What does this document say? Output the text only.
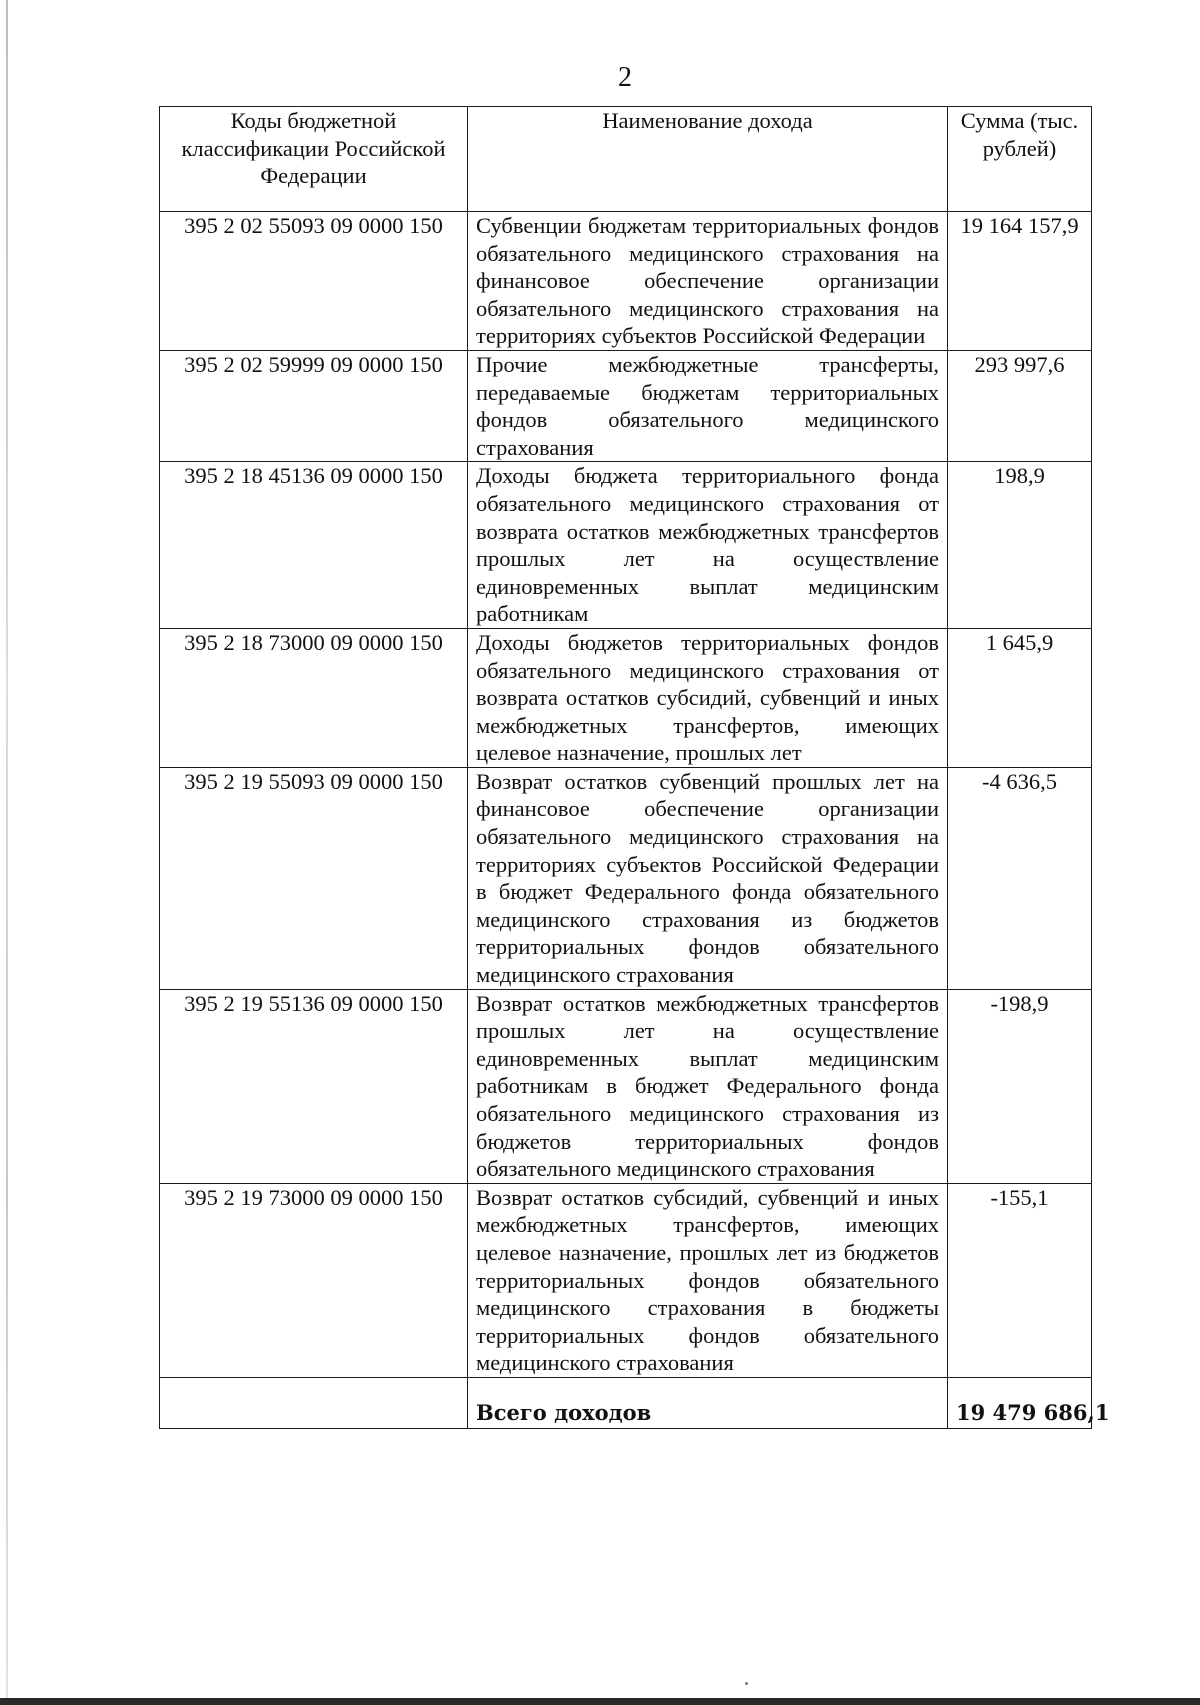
2
Коды бюджетной классификации Российской Федерации	Наименование дохода	Сумма (тыс. рублей)
395 2 02 55093 09 0000 150	Субвенции бюджетам территориальных фондов обязательного медицинского страхования на финансовое обеспечение организации обязательного медицинского страхования на территориях субъектов Российской Федерации	19 164 157,9
395 2 02 59999 09 0000 150	Прочие межбюджетные трансферты, передаваемые бюджетам территориальных фондов обязательного медицинского страхования	293 997,6
395 2 18 45136 09 0000 150	Доходы бюджета территориального фонда обязательного медицинского страхования от возврата остатков межбюджетных трансфертов прошлых лет на осуществление единовременных выплат медицинским работникам	198,9
395 2 18 73000 09 0000 150	Доходы бюджетов территориальных фондов обязательного медицинского страхования от возврата остатков субсидий, субвенций и иных межбюджетных трансфертов, имеющих целевое назначение, прошлых лет	1 645,9
395 2 19 55093 09 0000 150	Возврат остатков субвенций прошлых лет на финансовое обеспечение организации обязательного медицинского страхования на территориях субъектов Российской Федерации в бюджет Федерального фонда обязательного медицинского страхования из бюджетов территориальных фондов обязательного медицинского страхования	-4 636,5
395 2 19 55136 09 0000 150	Возврат остатков межбюджетных трансфертов прошлых лет на осуществление единовременных выплат медицинским работникам в бюджет Федерального фонда обязательного медицинского страхования из бюджетов территориальных фондов обязательного медицинского страхования	-198,9
395 2 19 73000 09 0000 150	Возврат остатков субсидий, субвенций и иных межбюджетных трансфертов, имеющих целевое назначение, прошлых лет из бюджетов территориальных фондов обязательного медицинского страхования в бюджеты территориальных фондов обязательного медицинского страхования	-155,1
	Всего доходов	19 479 686,1
